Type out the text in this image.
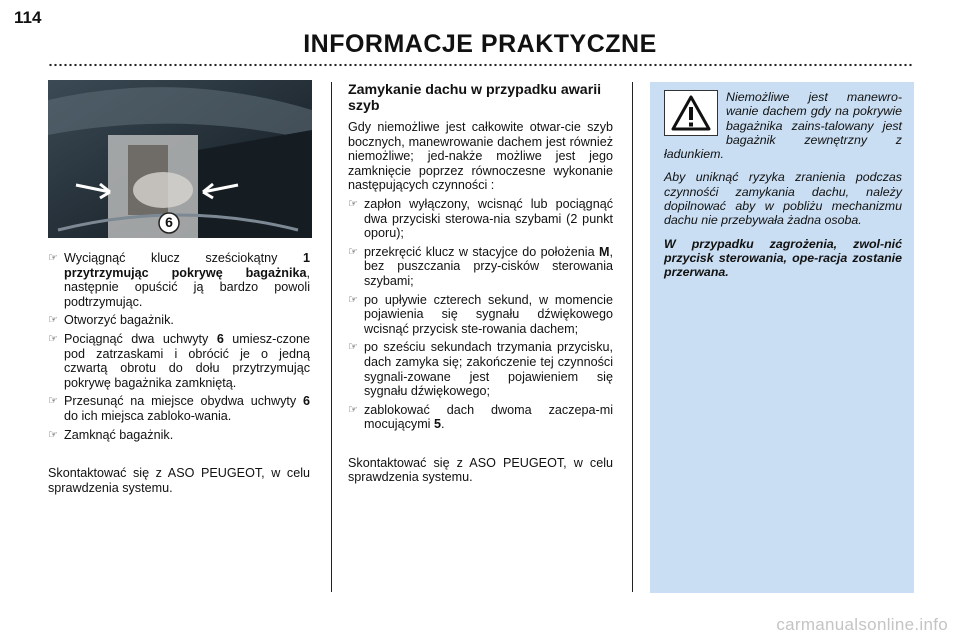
114
INFORMACJE PRAKTYCZNE
6
☞ Wyciągnąć klucz sześciokątny 1 przytrzymując pokrywę bagażnika, następnie opuścić ją bardzo powoli podtrzymując.
☞ Otworzyć bagażnik.
☞ Pociągnąć dwa uchwyty 6 umiesz-czone pod zatrzaskami i obrócić je o jedną czwartą obrotu do dołu przytrzymując pokrywę bagażnika zamkniętą.
☞ Przesunąć na miejsce obydwa uchwyty 6 do ich miejsca zabloko-wania.
☞ Zamknąć bagażnik.
Skontaktować się z ASO PEUGEOT, w celu sprawdzenia systemu.
Zamykanie dachu w przypadku awarii szyb
Gdy niemożliwe jest całkowite otwar-cie szyb bocznych, manewrowanie dachem jest również niemożliwe; jed-nakże możliwe jest jego zamknięcie poprzez równoczesne wykonanie następujących czynności :
☞ zapłon wyłączony, wcisnąć lub pociągnąć dwa przyciski sterowa-nia szybami (2 punkt oporu);
☞ przekręcić klucz w stacyjce do położenia M, bez puszczania przy-cisków sterowania szybami;
☞ po upływie czterech sekund, w momencie pojawienia się sygnału dźwiękowego wcisnąć przycisk ste-rowania dachem;
☞ po sześciu sekundach trzymania przycisku, dach zamyka się; zakończenie tej czynności sygnali-zowane jest pojawieniem się sygnału dźwiękowego;
☞ zablokować dach dwoma zaczepa-mi mocującymi 5.
Skontaktować się z ASO PEUGEOT, w celu sprawdzenia systemu.
Niemożliwe jest manewro-wanie dachem gdy na pokrywie bagażnika zains-talowany jest bagażnik zewnętrzny z ładunkiem.
Aby uniknąć ryzyka zranienia podczas czynnośći zamykania dachu, należy dopilnować aby w pobliżu mechanizmu dachu nie przebywała żadna osoba.
W przypadku zagrożenia, zwol-nić przycisk sterowania, ope-racja zostanie przerwana.
carmanualsonline.info
